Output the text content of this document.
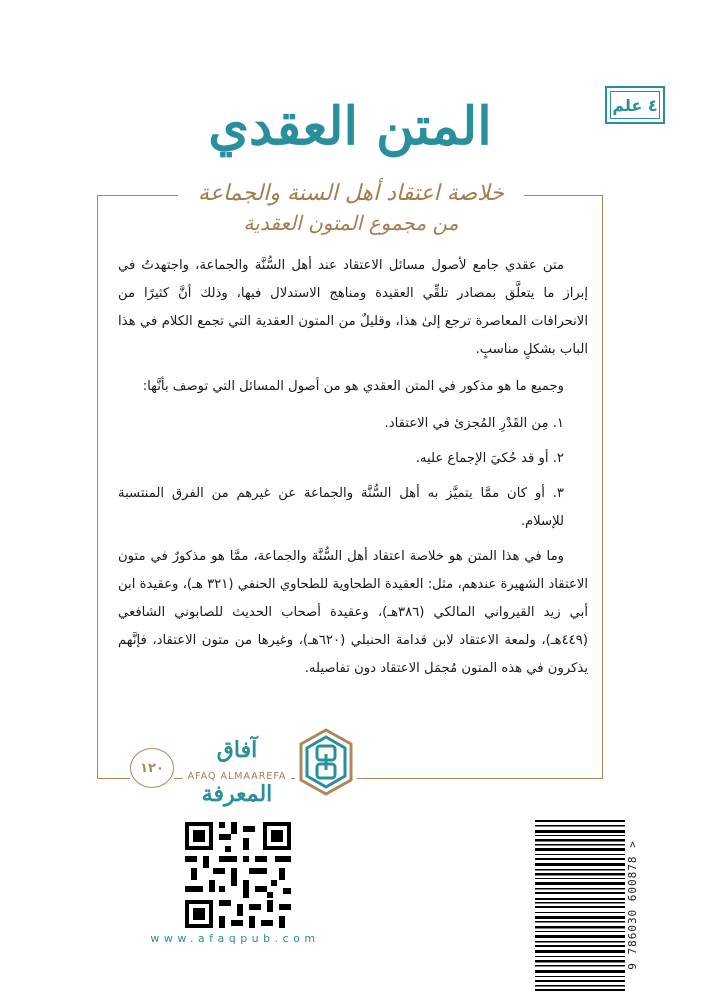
٤ علم
المتن العقدي
خلاصة اعتقاد أهل السنة والجماعة
من مجموع المتون العقدية

متن عقدي جامع لأصول مسائل الاعتقاد عند أهل السُّنَّة والجماعة، واجتهدتُ في إبراز ما يتعلَّق بمصادر تلقِّي العقيدة ومناهج الاستدلال فيها، وذلك أنَّ كثيرًا من الانحرافات المعاصرة ترجع إلىٰ هذا، وقليلٌ من المتون العقدية التي تجمع الكلام في هذا الباب بشكلٍ مناسبٍ.

وجميع ما هو مذكور في المتن العقدي هو من أصول المسائل التي توصف بأنَّها:

١. مِن القَدْرِ المُجزئ في الاعتقاد.

٢. أو قد حُكيَ الإجماع عليه.

٣. أو كان ممَّا يتميَّز به أهل السُّنَّة والجماعة عن غيرهم من الفرق المنتسبة للإسلام.

وما في هذا المتن هو خلاصة اعتقاد أهل السُّنَّة والجماعة، ممَّا هو مذكورٌ في متون الاعتقاد الشهيرة عندهم، مثل: العقيدة الطحاوية للطحاوي الحنفي (٣٢١ هـ)، وعقيدة ابن أبي زيد القيرواني المالكي (٣٨٦هـ)، وعقيدة أصحاب الحديث للصابوني الشافعي (٤٤٩هـ)، ولمعة الاعتقاد لابن قدامة الحنبلي (٦٢٠هـ)، وغيرها من متون الاعتقاد، فإنَّهم يذكرون في هذه المتون مُجمَل الاعتقاد دون تفاصيله.

١٢٠
آفاق المعرفة
AFAQ ALMAAREFA
www.afaqpub.com	9 786030 600878 >
